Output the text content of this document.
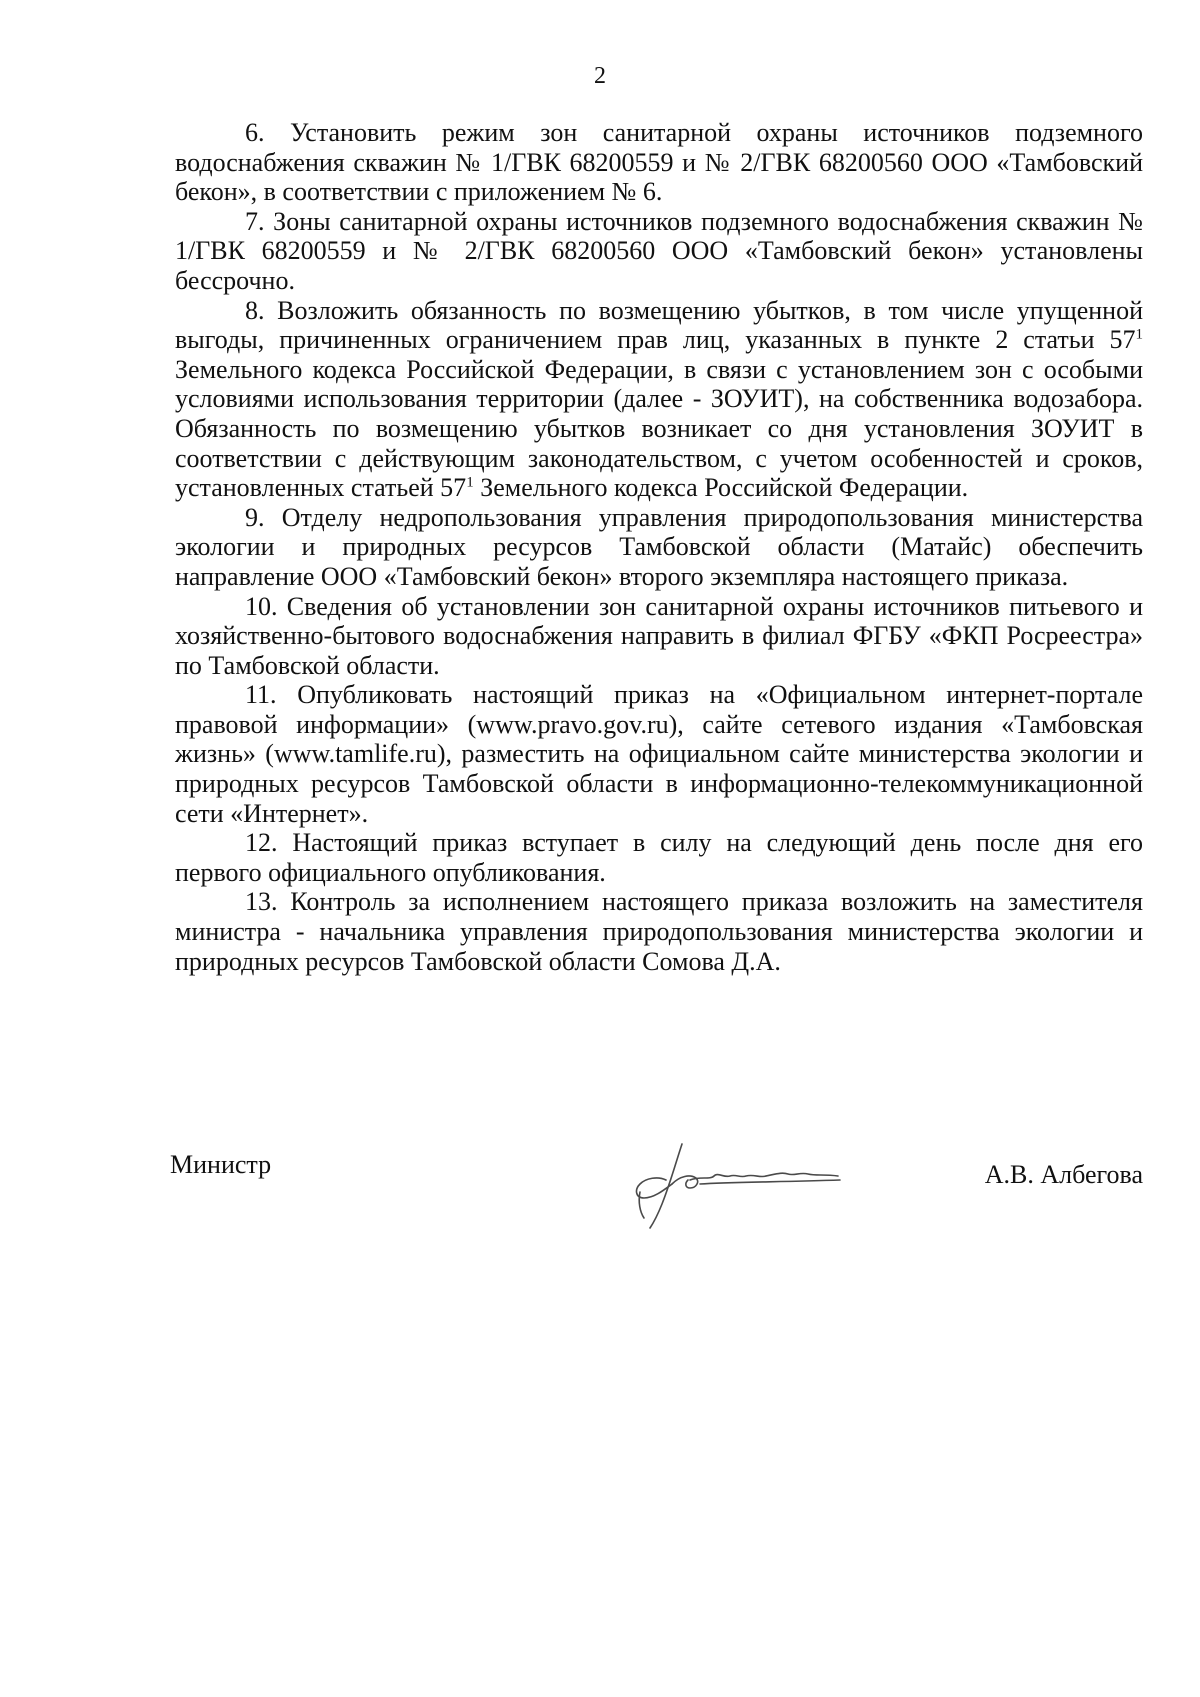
2

6. Установить режим зон санитарной охраны источников подземного водоснабжения скважин № 1/ГВК 68200559 и № 2/ГВК 68200560 ООО «Тамбовский бекон», в соответствии с приложением № 6.

7. Зоны санитарной охраны источников подземного водоснабжения скважин № 1/ГВК 68200559 и № 2/ГВК 68200560 ООО «Тамбовский бекон» установлены бессрочно.

8. Возложить обязанность по возмещению убытков, в том числе упущенной выгоды, причиненных ограничением прав лиц, указанных в пункте 2 статьи $57^1$ Земельного кодекса Российской Федерации, в связи с установлением зон с особыми условиями использования территории (далее - ЗОУИТ), на собственника водозабора. Обязанность по возмещению убытков возникает со дня установления ЗОУИТ в соответствии с действующим законодательством, с учетом особенностей и сроков, установленных статьей $57^1$ Земельного кодекса Российской Федерации.

9. Отделу недропользования управления природопользования министерства экологии и природных ресурсов Тамбовской области (Матайс) обеспечить направление ООО «Тамбовский бекон» второго экземпляра настоящего приказа.

10. Сведения об установлении зон санитарной охраны источников питьевого и хозяйственно-бытового водоснабжения направить в филиал ФГБУ «ФКП Росреестра» по Тамбовской области.

11. Опубликовать настоящий приказ на «Официальном интернет-портале правовой информации» (www.pravo.gov.ru), сайте сетевого издания «Тамбовская жизнь» (www.tamlife.ru), разместить на официальном сайте министерства экологии и природных ресурсов Тамбовской области в информационно-телекоммуникационной сети «Интернет».

12. Настоящий приказ вступает в силу на следующий день после дня его первого официального опубликования.

13. Контроль за исполнением настоящего приказа возложить на заместителя министра - начальника управления природопользования министерства экологии и природных ресурсов Тамбовской области Сомова Д.А.

Министр	А.В. Албегова
